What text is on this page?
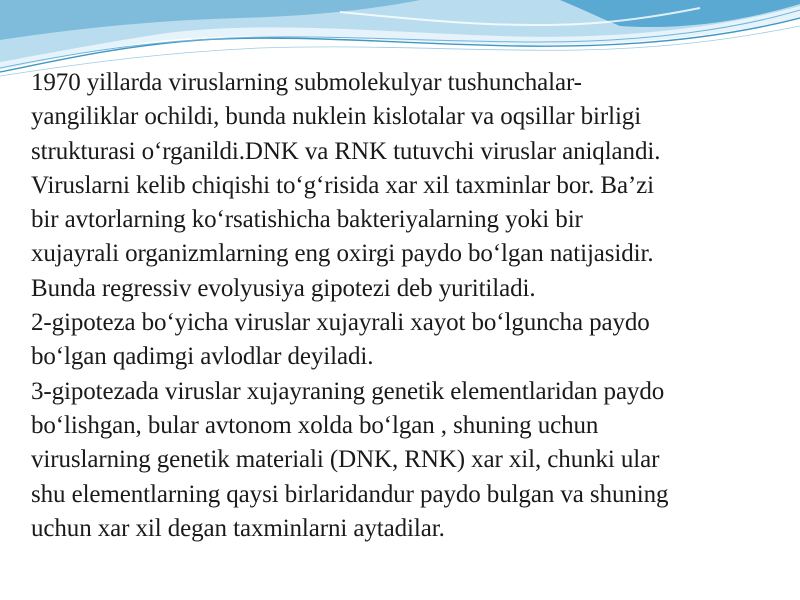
1970 yillarda viruslarning submolekulyar tushunchalar-
yangiliklar ochildi, bunda nuklein kislotalar va oqsillar birligi
strukturasi o‘rganildi.DNK va RNK tutuvchi viruslar aniqlandi.
Viruslarni kelib chiqishi to‘g‘risida xar xil taxminlar bor. Ba’zi
bir avtorlarning ko‘rsatishicha bakteriyalarning yoki bir
xujayrali organizmlarning eng oxirgi paydo bo‘lgan natijasidir.
Bunda regressiv evolyusiya gipotezi deb yuritiladi.
2-gipoteza bo‘yicha viruslar xujayrali xayot bo‘lguncha paydo
bo‘lgan qadimgi avlodlar deyiladi.
3-gipotezada viruslar xujayraning genetik elementlaridan paydo
bo‘lishgan, bular avtonom xolda bo‘lgan , shuning uchun
viruslarning genetik materiali (DNK, RNK) xar xil, chunki ular
shu elementlarning qaysi birlaridandur paydo bulgan va shuning
uchun xar xil degan taxminlarni aytadilar.
